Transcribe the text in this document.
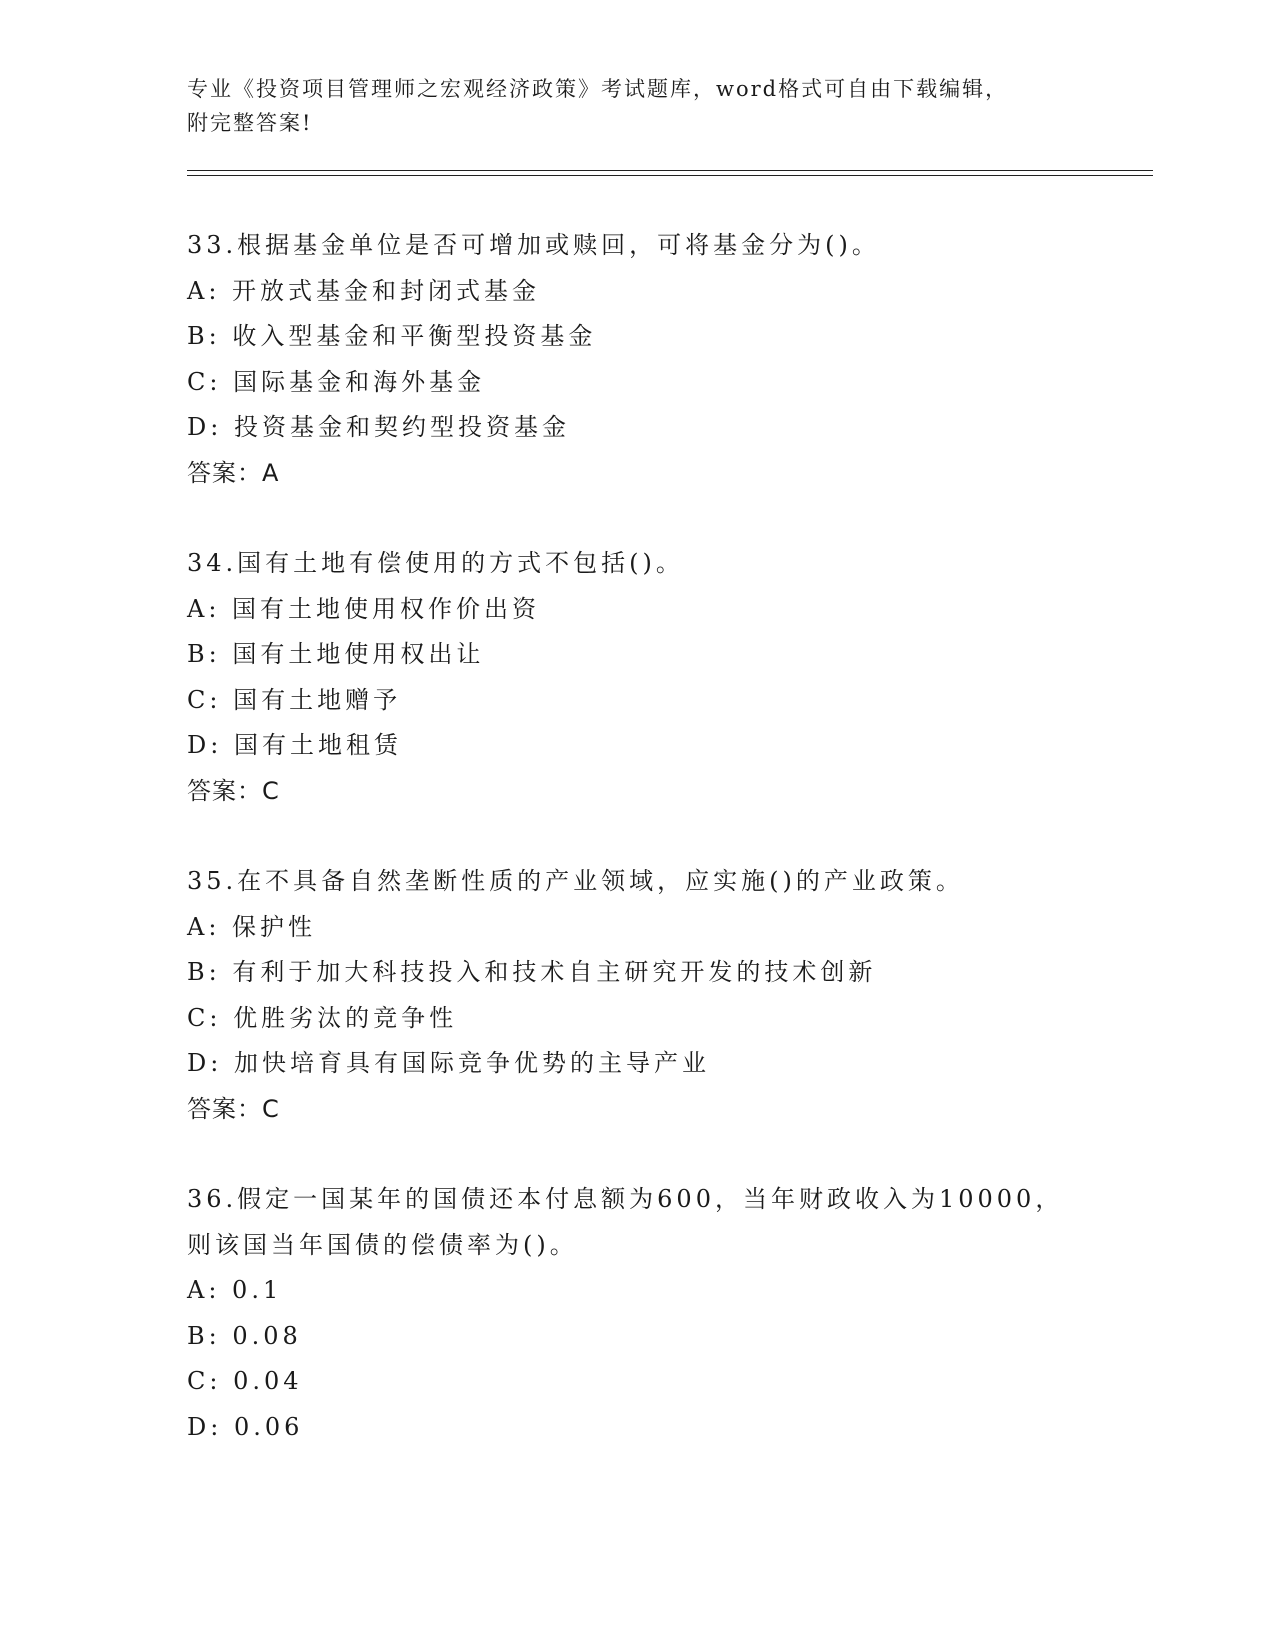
专业《投资项目管理师之宏观经济政策》考试题库，word格式可自由下载编辑，
附完整答案!
33.根据基金单位是否可增加或赎回，可将基金分为()。
A: 开放式基金和封闭式基金
B: 收入型基金和平衡型投资基金
C: 国际基金和海外基金
D: 投资基金和契约型投资基金
答案：A
34.国有土地有偿使用的方式不包括()。
A: 国有土地使用权作价出资
B: 国有土地使用权出让
C: 国有土地赠予
D: 国有土地租赁
答案：C
35.在不具备自然垄断性质的产业领域，应实施()的产业政策。
A: 保护性
B: 有利于加大科技投入和技术自主研究开发的技术创新
C: 优胜劣汰的竞争性
D: 加快培育具有国际竞争优势的主导产业
答案：C
36.假定一国某年的国债还本付息额为600，当年财政收入为10000，
则该国当年国债的偿债率为()。
A: 0.1
B: 0.08
C: 0.04
D: 0.06
